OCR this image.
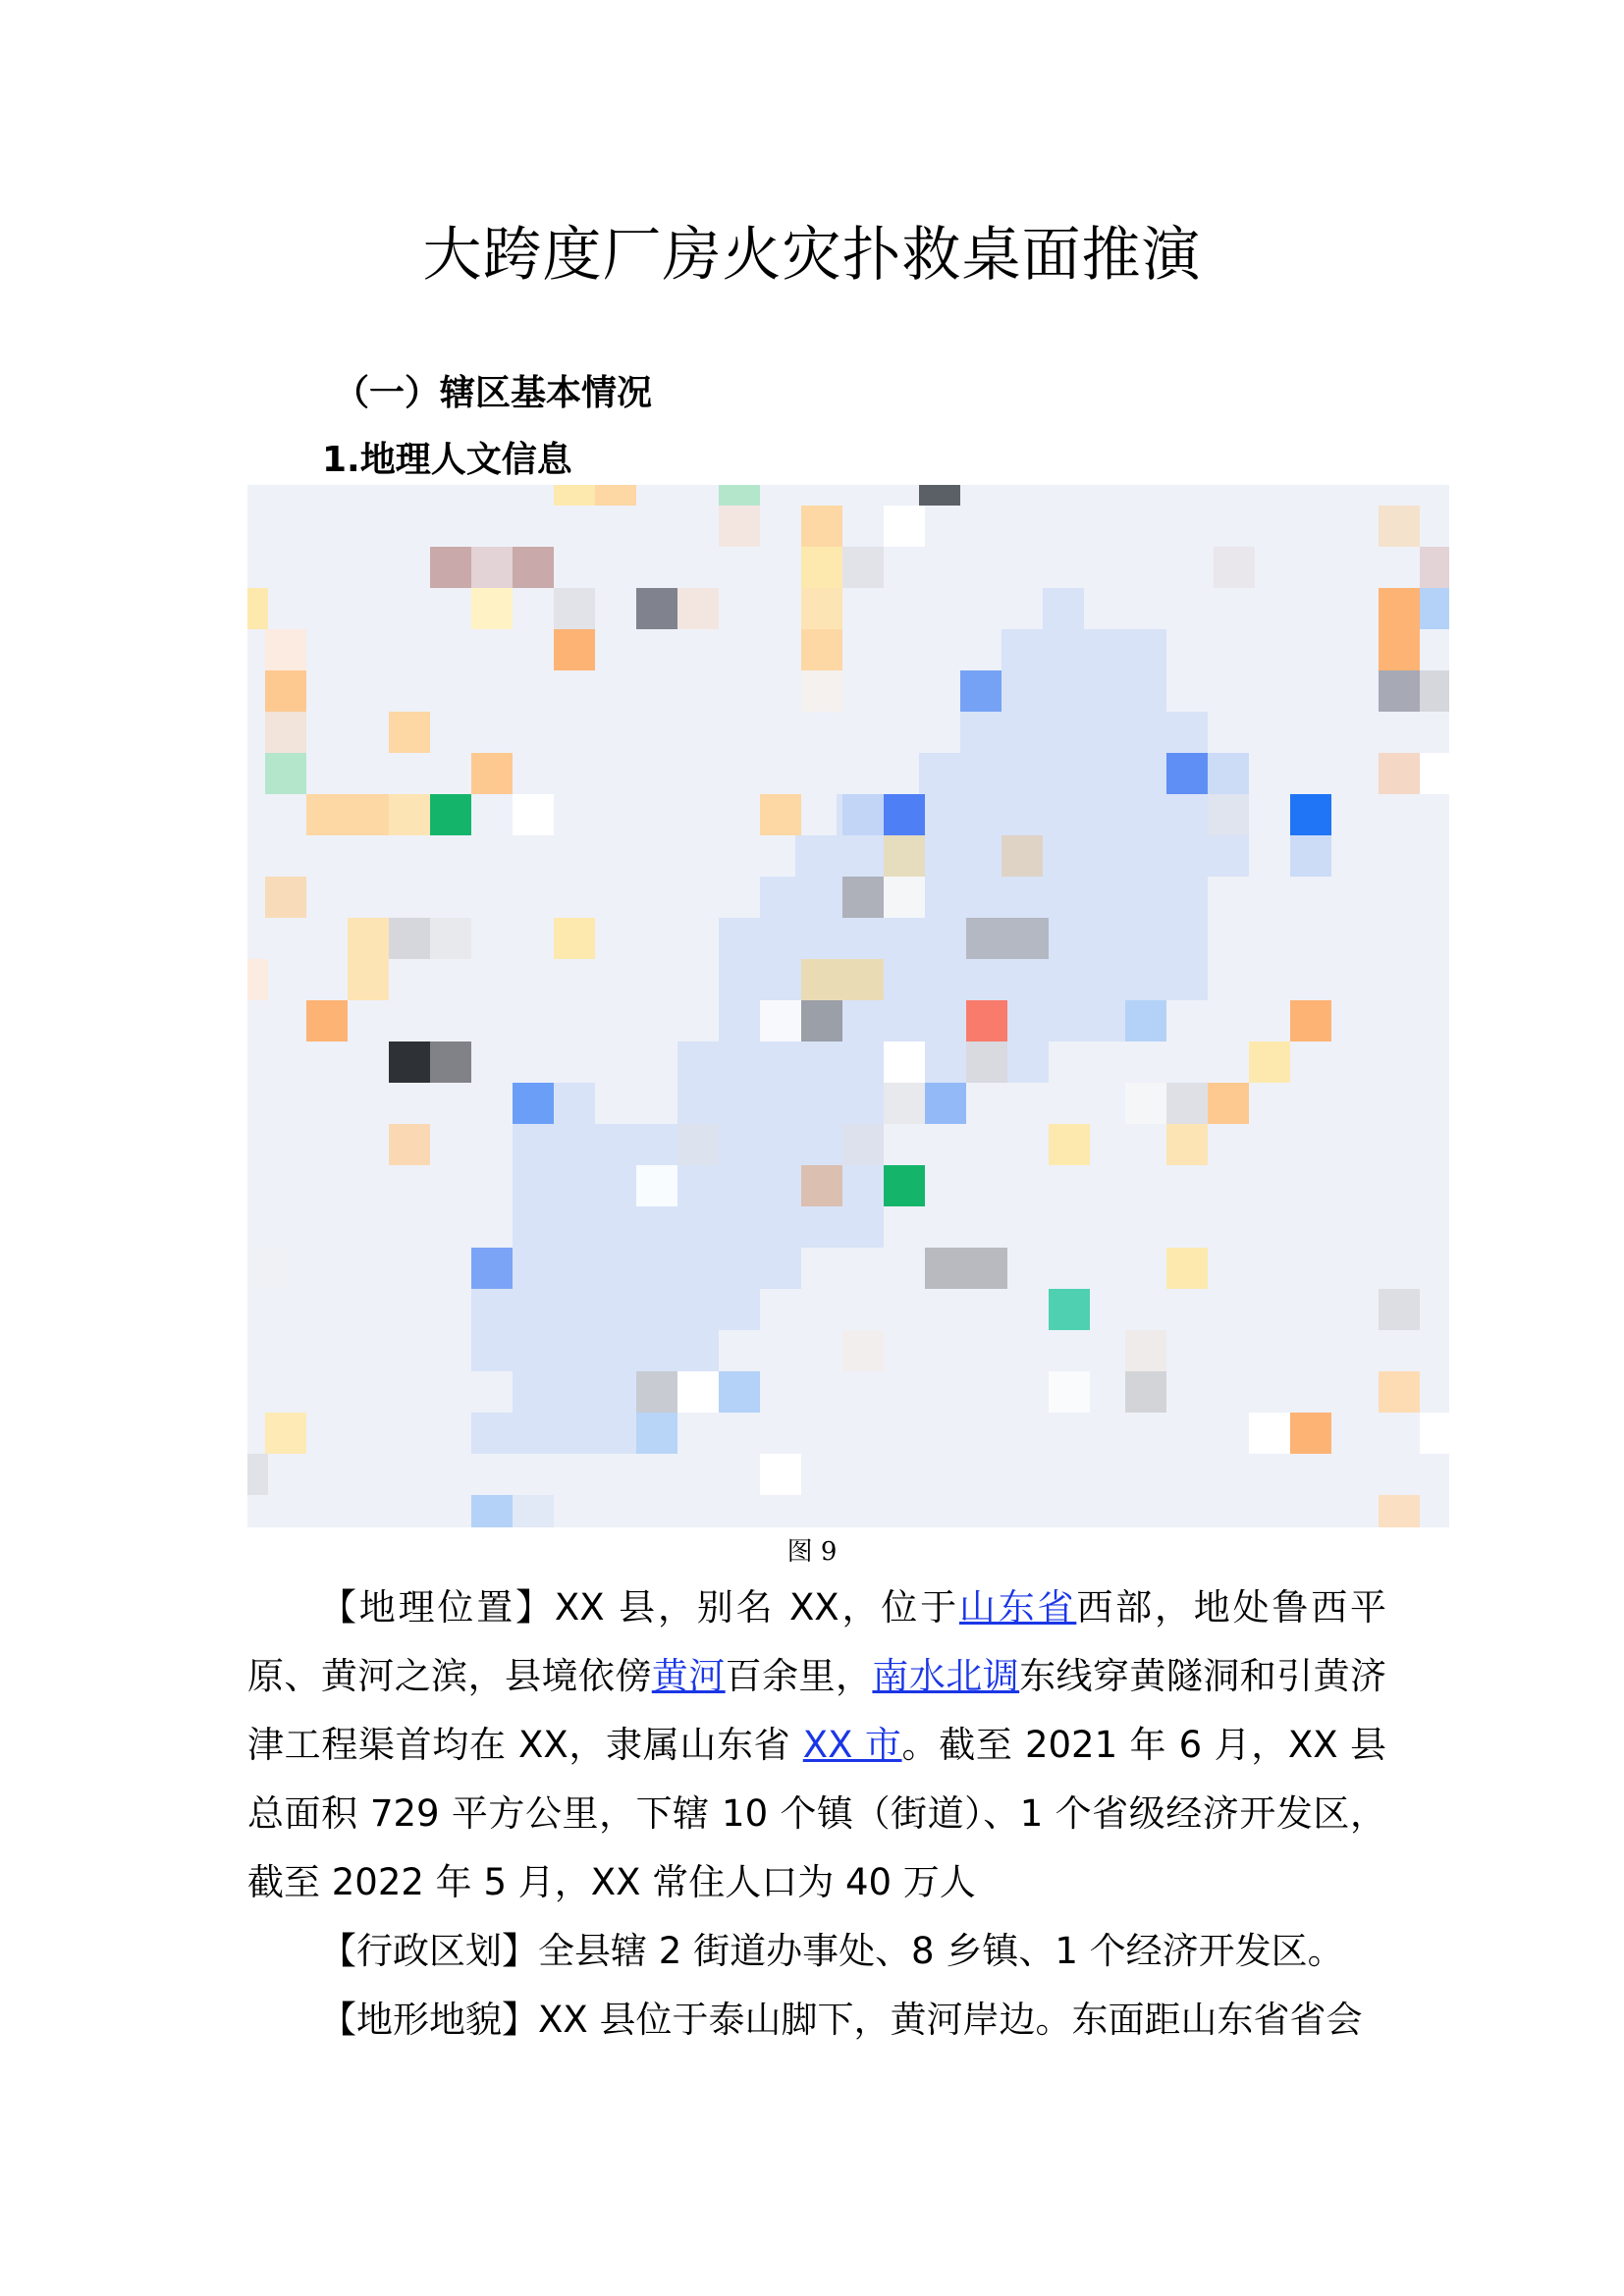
大跨度厂房火灾扑救桌面推演
（一）辖区基本情况
1.地理人文信息
图 9

【地理位置】XX 县，别名 XX，位于山东省西部，地处鲁西平原、黄河之滨，县境依傍黄河百余里，南水北调东线穿黄隧洞和引黄济津工程渠首均在 XX，隶属山东省 XX 市。截至 2021 年 6 月，XX 县总面积 729 平方公里，下辖 10 个镇（街道）、1 个省级经济开发区，截至 2022 年 5 月，XX 常住人口为 40 万人

【行政区划】全县辖 2 街道办事处、8 乡镇、1 个经济开发区。

【地形地貌】XX 县位于泰山脚下，黄河岸边。东面距山东省省会
